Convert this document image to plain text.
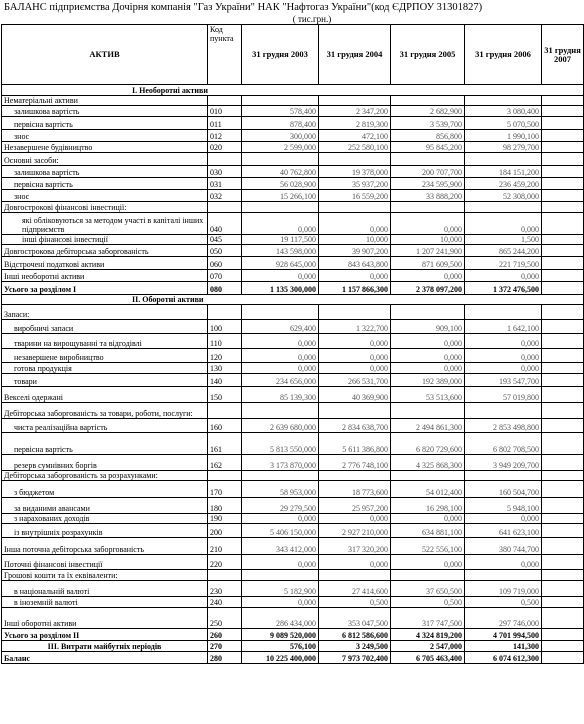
БАЛАНС підприємства Дочірня компанія "Газ України" НАК "Нафтогаз України"(код ЄДРПОУ 31301827)
( тис.грн.)
АКТИВ	Код пункта	31 грудня 2003	31 грудня 2004	31 грудня 2005	31 грудня 2006	31 грудня 2007
I. Необоротні активи						
Нематеріальні активи						
залишкова вартість	010	578,400	2 347,200	2 682,900	3 080,400	
первісна вартість	011	878,400	2 819,300	3 539,700	5 070,500	
знос	012	300,000	472,100	856,800	1 990,100	
Незавершене будівництво	020	2 599,000	252 580,100	95 845,200	98 279,700	
Основні засоби:						
залишкова вартість	030	40 762,800	19 378,000	200 707,700	184 151,200	
первісна вартість	031	56 028,900	35 937,200	234 595,900	236 459,200	
знос	032	15 266,100	16 559,200	33 888,200	52 308,000	
Довгострокові фінансові інвестиції:						
які обліковуються за методом участі в капіталі інших підприємств	040	0,000	0,000	0,000	0,000	
інші фінансові інвестиції	045	19 117,500	10,000	10,000	1,500	
Довгострокова дебіторська заборгованість	050	143 598,000	39 907,200	1 207 241,900	865 244,200	
Відстрочені податкові активи	060	928 645,000	843 643,800	871 609,500	221 719,500	
Інші необоротні активи	070	0,000	0,000	0,000	0,000	
Усього за розділом I	080	1 135 300,000	1 157 866,300	2 378 097,200	1 372 476,500	
II. Оборотні активи						
Запаси:						
виробничі запаси	100	629,400	1 322,700	909,100	1 642,100	
тварини на вирощуванні та відгодівлі	110	0,000	0,000	0,000	0,000	
незавершене виробництво	120	0,000	0,000	0,000	0,000	
готова продукція	130	0,000	0,000	0,000	0,000	
товари	140	234 656,000	266 531,700	192 389,000	193 547,700	
Векселі одержані	150	85 139,300	40 369,900	53 513,600	57 019,800	
Дебіторська заборгованість за товари, роботи, послуги:						
чиста реалізаційна вартість	160	2 639 680,000	2 834 638,700	2 494 861,300	2 853 498,800	
первісна вартість	161	5 813 550,000	5 611 386,800	6 820 729,600	6 802 708,500	
резерв сумнівних боргів	162	3 173 870,000	2 776 748,100	4 325 868,300	3 949 209,700	
Дебіторська заборгованість за розрахунками:						
з бюджетом	170	58 953,000	18 773,600	54 012,400	160 504,700	
за виданими авансами	180	29 279,500	25 957,200	16 298,100	5 948,100	
з нарахованих доходів	190	0,000	0,000	0,000	0,000	
із внутрішніх розрахунків	200	5 406 150,000	2 927 210,000	634 881,100	641 623,100	
Інша поточна дебіторська заборгованість	210	343 412,000	317 320,200	522 556,100	380 744,700	
Поточні фінансові інвестиції	220	0,000	0,000	0,000	0,000	
Грошові кошти та їх еквіваленти:						
в національній валюті	230	5 182,900	27 414,600	37 650,500	109 719,000	
в іноземній валюті	240	0,000	0,500	0,500	0,500	
Інші оборотні активи	250	286 434,000	353 047,500	317 747,500	297 746,000	
Усього за розділом II	260	9 089 520,000	6 812 586,600	4 324 819,200	4 701 994,500	
III. Витрати майбутніх періодів	270	576,100	3 249,500	2 547,000	141,300	
Баланс	280	10 225 400,000	7 973 702,400	6 705 463,400	6 074 612,300	
